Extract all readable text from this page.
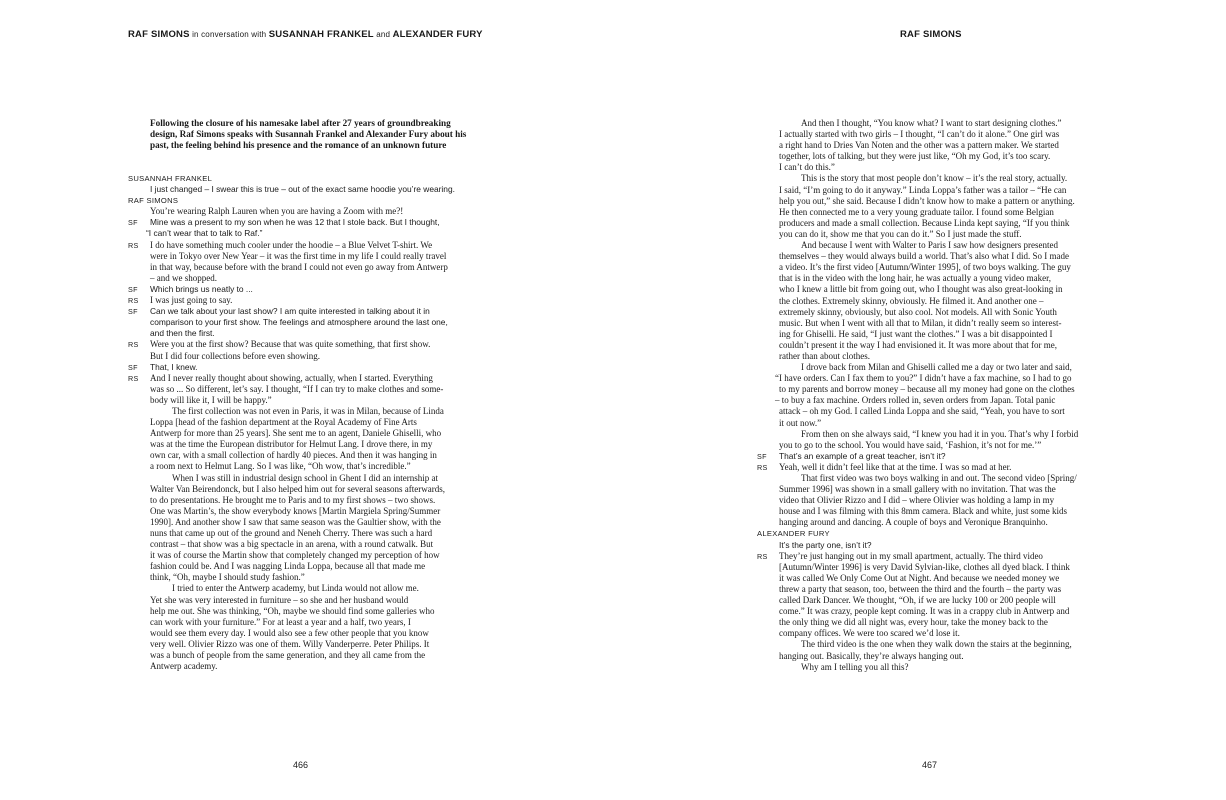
RAF SIMONS in conversation with SUSANNAH FRANKEL and ALEXANDER FURY
Following the closure of his namesake label after 27 years of groundbreaking design, Raf Simons speaks with Susannah Frankel and Alexander Fury about his past, the feeling behind his presence and the romance of an unknown future
SUSANNAH FRANKEL
I just changed – I swear this is true – out of the exact same hoodie you’re wearing.
RAF SIMONS
You’re wearing Ralph Lauren when you are having a Zoom with me?!
SF	Mine was a present to my son when he was 12 that I stole back. But I thought,
“I can’t wear that to talk to Raf.”
RS	I do have something much cooler under the hoodie – a Blue Velvet T-shirt. We
were in Tokyo over New Year – it was the first time in my life I could really travel
in that way, because before with the brand I could not even go away from Antwerp
– and we shopped.
SF	Which brings us neatly to ...
RS	I was just going to say.
SF	Can we talk about your last show? I am quite interested in talking about it in
comparison to your first show. The feelings and atmosphere around the last one,
and then the first.
RS	Were you at the first show? Because that was quite something, that first show.
But I did four collections before even showing.
SF	That, I knew.
RS	And I never really thought about showing, actually, when I started. Everything
was so ... So different, let’s say. I thought, “If I can try to make clothes and some-
body will like it, I will be happy.”
The first collection was not even in Paris, it was in Milan, because of Linda
Loppa [head of the fashion department at the Royal Academy of Fine Arts
Antwerp for more than 25 years]. She sent me to an agent, Daniele Ghiselli, who
was at the time the European distributor for Helmut Lang. I drove there, in my
own car, with a small collection of hardly 40 pieces. And then it was hanging in
a room next to Helmut Lang. So I was like, “Oh wow, that’s incredible.”
When I was still in industrial design school in Ghent I did an internship at
Walter Van Beirendonck, but I also helped him out for several seasons afterwards,
to do presentations. He brought me to Paris and to my first shows – two shows.
One was Martin’s, the show everybody knows [Martin Margiela Spring/Summer
1990]. And another show I saw that same season was the Gaultier show, with the
nuns that came up out of the ground and Neneh Cherry. There was such a hard
contrast – that show was a big spectacle in an arena, with a round catwalk. But
it was of course the Martin show that completely changed my perception of how
fashion could be. And I was nagging Linda Loppa, because all that made me
think, “Oh, maybe I should study fashion.”
I tried to enter the Antwerp academy, but Linda would not allow me.
Yet she was very interested in furniture – so she and her husband would
help me out. She was thinking, “Oh, maybe we should find some galleries who
can work with your furniture.” For at least a year and a half, two years, I
would see them every day. I would also see a few other people that you know
very well. Olivier Rizzo was one of them. Willy Vanderperre. Peter Philips. It
was a bunch of people from the same generation, and they all came from the
Antwerp academy.
466
RAF SIMONS
467
And then I thought, “You know what? I want to start designing clothes.”
I actually started with two girls – I thought, “I can’t do it alone.” One girl was
a right hand to Dries Van Noten and the other was a pattern maker. We started
together, lots of talking, but they were just like, “Oh my God, it’s too scary.
I can’t do this.”
This is the story that most people don’t know – it’s the real story, actually.
I said, “I’m going to do it anyway.” Linda Loppa’s father was a tailor – “He can
help you out,” she said. Because I didn’t know how to make a pattern or anything.
He then connected me to a very young graduate tailor. I found some Belgian
producers and made a small collection. Because Linda kept saying, “If you think
you can do it, show me that you can do it.” So I just made the stuff.
And because I went with Walter to Paris I saw how designers presented
themselves – they would always build a world. That’s also what I did. So I made
a video. It’s the first video [Autumn/Winter 1995], of two boys walking. The guy
that is in the video with the long hair, he was actually a young video maker,
who I knew a little bit from going out, who I thought was also great-looking in
the clothes. Extremely skinny, obviously. He filmed it. And another one –
extremely skinny, obviously, but also cool. Not models. All with Sonic Youth
music. But when I went with all that to Milan, it didn’t really seem so interest-
ing for Ghiselli. He said, “I just want the clothes.” I was a bit disappointed I
couldn’t present it the way I had envisioned it. It was more about that for me,
rather than about clothes.
I drove back from Milan and Ghiselli called me a day or two later and said,
“I have orders. Can I fax them to you?” I didn’t have a fax machine, so I had to go
to my parents and borrow money – because all my money had gone on the clothes
– to buy a fax machine. Orders rolled in, seven orders from Japan. Total panic
attack – oh my God. I called Linda Loppa and she said, “Yeah, you have to sort
it out now.”
From then on she always said, “I knew you had it in you. That’s why I forbid
you to go to the school. You would have said, ‘Fashion, it’s not for me.’”
SF	That’s an example of a great teacher, isn’t it?
RS	Yeah, well it didn’t feel like that at the time. I was so mad at her.
That first video was two boys walking in and out. The second video [Spring/
Summer 1996] was shown in a small gallery with no invitation. That was the
video that Olivier Rizzo and I did – where Olivier was holding a lamp in my
house and I was filming with this 8mm camera. Black and white, just some kids
hanging around and dancing. A couple of boys and Veronique Branquinho.
ALEXANDER FURY
It’s the party one, isn’t it?
RS	They’re just hanging out in my small apartment, actually. The third video
[Autumn/Winter 1996] is very David Sylvian-like, clothes all dyed black. I think
it was called We Only Come Out at Night. And because we needed money we
threw a party that season, too, between the third and the fourth – the party was
called Dark Dancer. We thought, “Oh, if we are lucky 100 or 200 people will
come.” It was crazy, people kept coming. It was in a crappy club in Antwerp and
the only thing we did all night was, every hour, take the money back to the
company offices. We were too scared we’d lose it.
The third video is the one when they walk down the stairs at the beginning,
hanging out. Basically, they’re always hanging out.
Why am I telling you all this?
